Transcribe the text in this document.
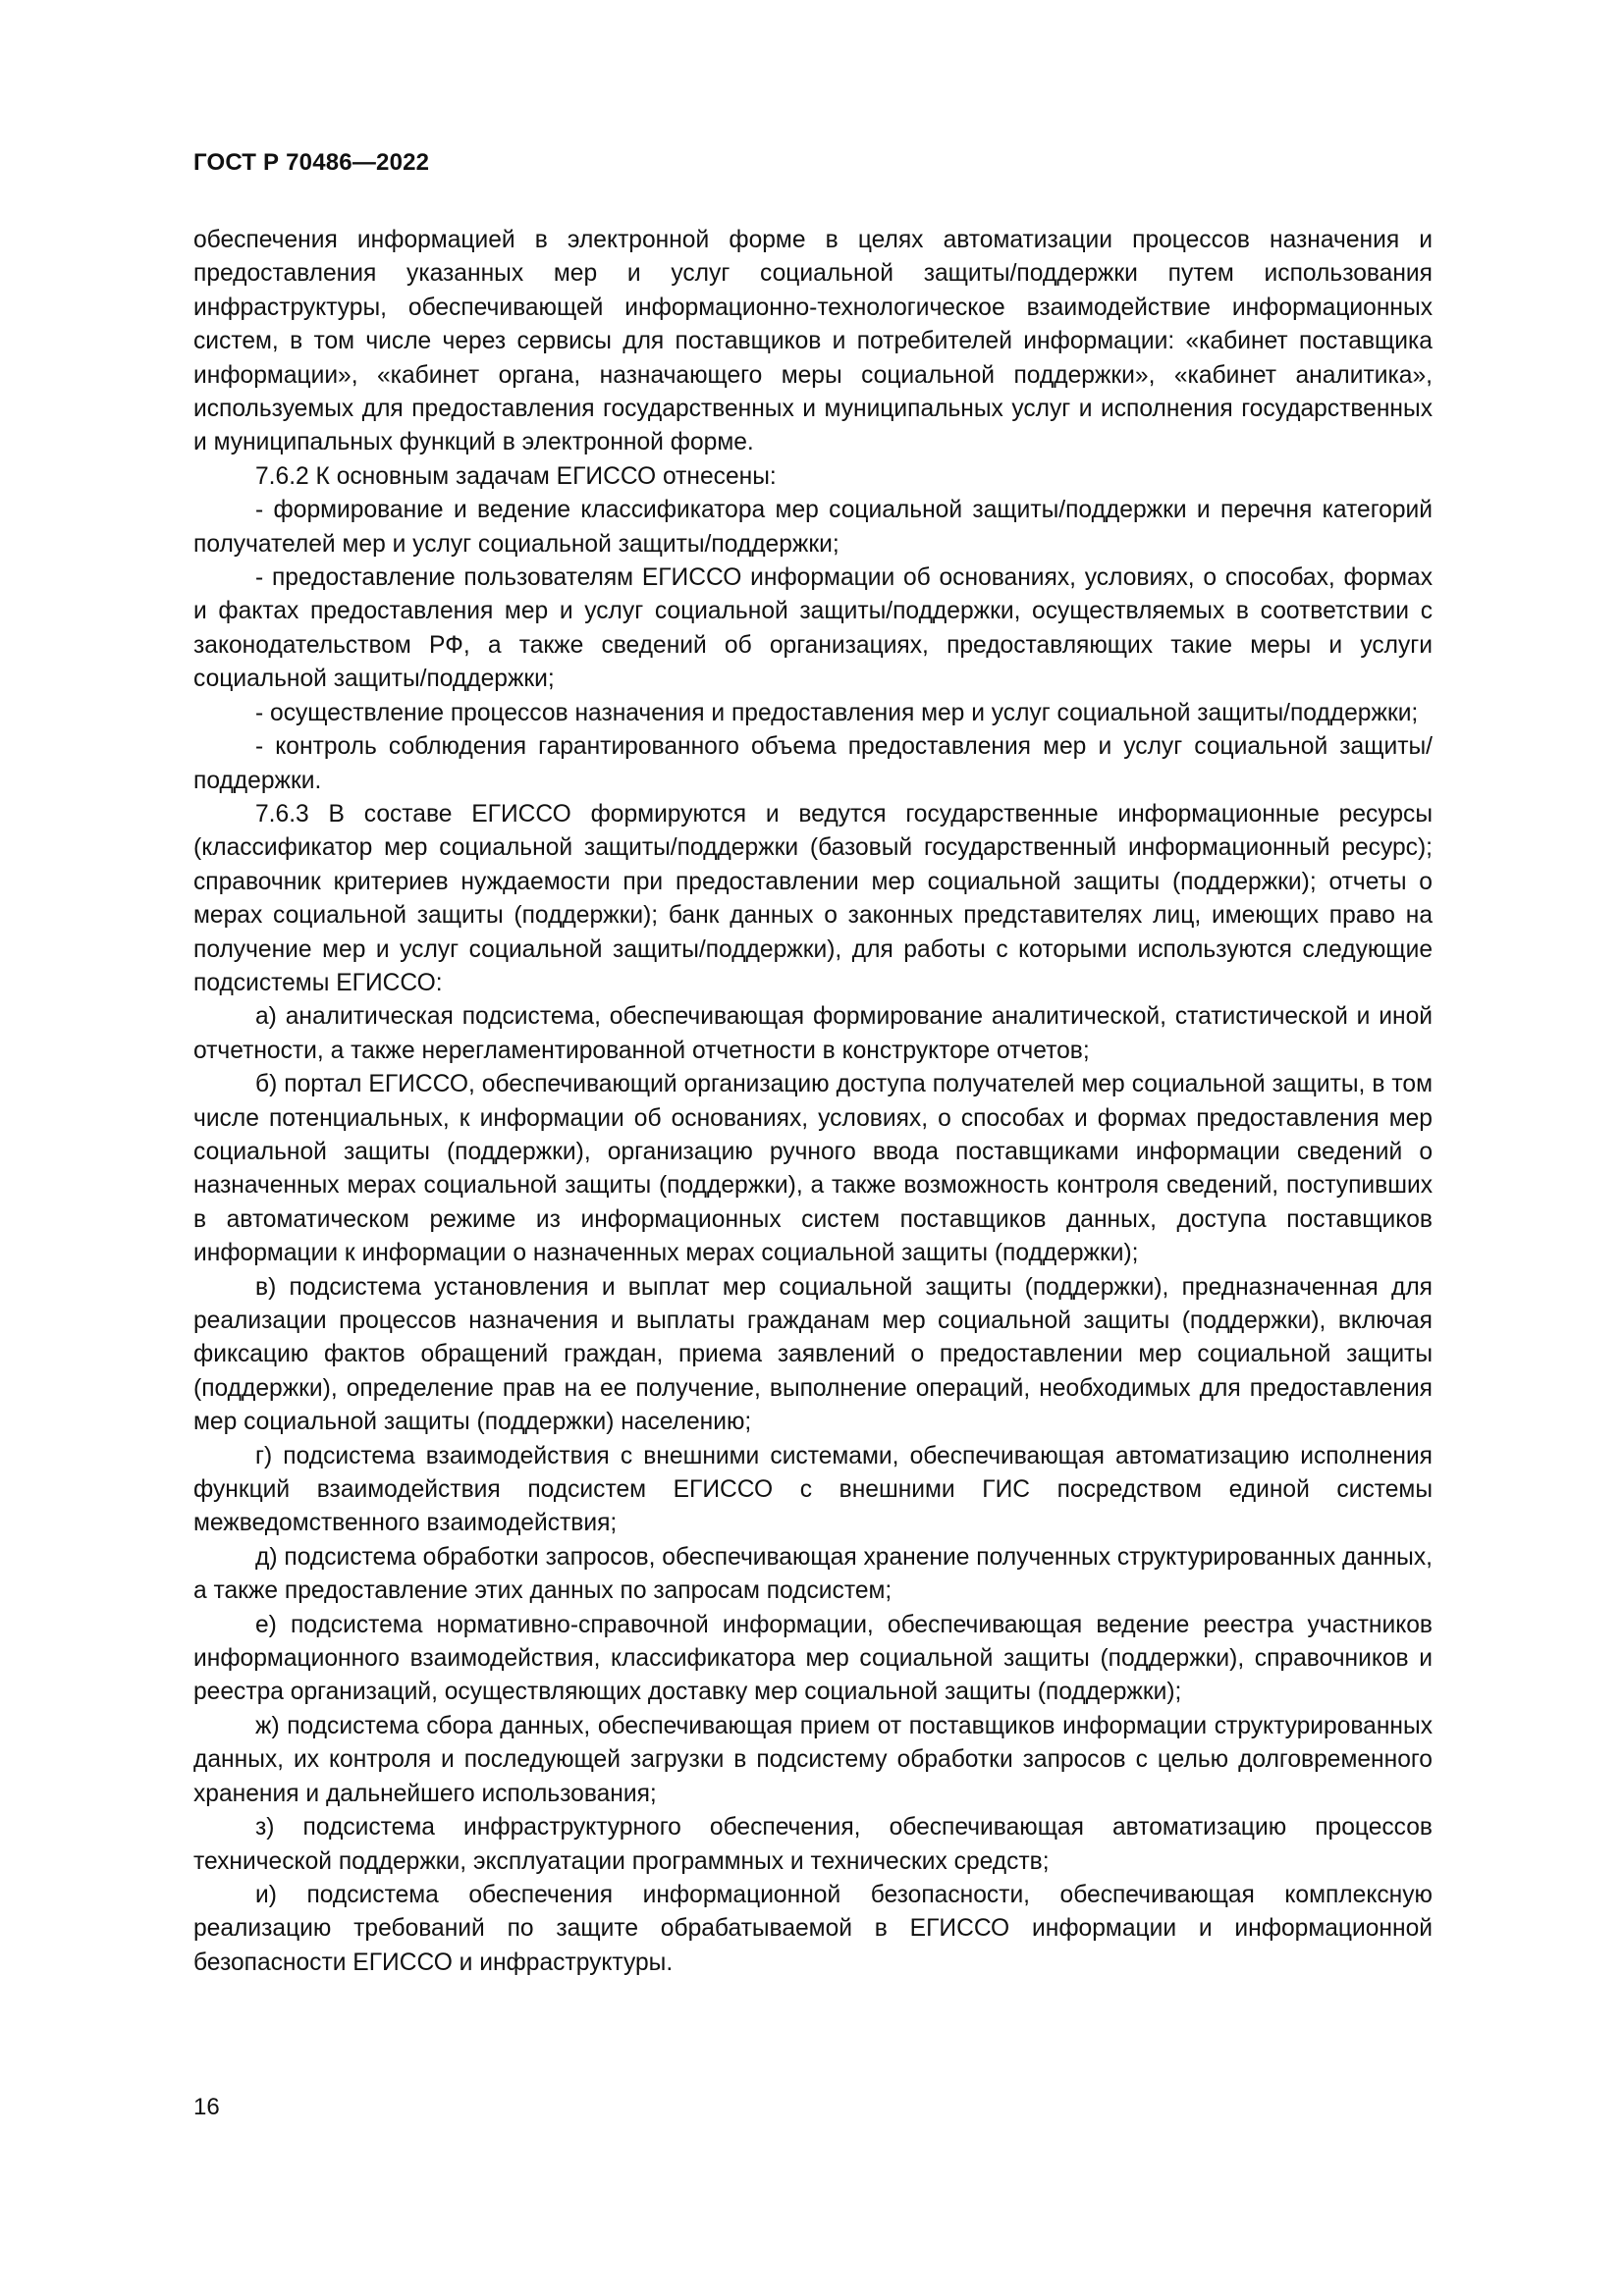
ГОСТ Р 70486—2022

обеспечения информацией в электронной форме в целях автоматизации процессов назначения и предоставления указанных мер и услуг социальной защиты/поддержки путем использования инфраструктуры, обеспечивающей информационно-технологическое взаимодействие информационных систем, в том числе через сервисы для поставщиков и потребителей информации: «кабинет поставщика информации», «кабинет органа, назначающего меры социальной поддержки», «кабинет аналитика», используемых для предоставления государственных и муниципальных услуг и исполнения государственных и муниципальных функций в электронной форме.

7.6.2 К основным задачам ЕГИССО отнесены:

- формирование и ведение классификатора мер социальной защиты/поддержки и перечня категорий получателей мер и услуг социальной защиты/поддержки;

- предоставление пользователям ЕГИССО информации об основаниях, условиях, о способах, формах и фактах предоставления мер и услуг социальной защиты/поддержки, осуществляемых в соответствии с законодательством РФ, а также сведений об организациях, предоставляющих такие меры и услуги социальной защиты/поддержки;

- осуществление процессов назначения и предоставления мер и услуг социальной защиты/поддержки;

- контроль соблюдения гарантированного объема предоставления мер и услуг социальной защиты/поддержки.

7.6.3 В составе ЕГИССО формируются и ведутся государственные информационные ресурсы (классификатор мер социальной защиты/поддержки (базовый государственный информационный ресурс); справочник критериев нуждаемости при предоставлении мер социальной защиты (поддержки); отчеты о мерах социальной защиты (поддержки); банк данных о законных представителях лиц, имеющих право на получение мер и услуг социальной защиты/поддержки), для работы с которыми используются следующие подсистемы ЕГИССО:

а) аналитическая подсистема, обеспечивающая формирование аналитической, статистической и иной отчетности, а также нерегламентированной отчетности в конструкторе отчетов;

б) портал ЕГИССО, обеспечивающий организацию доступа получателей мер социальной защиты, в том числе потенциальных, к информации об основаниях, условиях, о способах и формах предоставления мер социальной защиты (поддержки), организацию ручного ввода поставщиками информации сведений о назначенных мерах социальной защиты (поддержки), а также возможность контроля сведений, поступивших в автоматическом режиме из информационных систем поставщиков данных, доступа поставщиков информации к информации о назначенных мерах социальной защиты (поддержки);

в) подсистема установления и выплат мер социальной защиты (поддержки), предназначенная для реализации процессов назначения и выплаты гражданам мер социальной защиты (поддержки), включая фиксацию фактов обращений граждан, приема заявлений о предоставлении мер социальной защиты (поддержки), определение прав на ее получение, выполнение операций, необходимых для предоставления мер социальной защиты (поддержки) населению;

г) подсистема взаимодействия с внешними системами, обеспечивающая автоматизацию исполнения функций взаимодействия подсистем ЕГИССО с внешними ГИС посредством единой системы межведомственного взаимодействия;

д) подсистема обработки запросов, обеспечивающая хранение полученных структурированных данных, а также предоставление этих данных по запросам подсистем;

е) подсистема нормативно-справочной информации, обеспечивающая ведение реестра участников информационного взаимодействия, классификатора мер социальной защиты (поддержки), справочников и реестра организаций, осуществляющих доставку мер социальной защиты (поддержки);

ж) подсистема сбора данных, обеспечивающая прием от поставщиков информации структурированных данных, их контроля и последующей загрузки в подсистему обработки запросов с целью долговременного хранения и дальнейшего использования;

з) подсистема инфраструктурного обеспечения, обеспечивающая автоматизацию процессов технической поддержки, эксплуатации программных и технических средств;

и) подсистема обеспечения информационной безопасности, обеспечивающая комплексную реализацию требований по защите обрабатываемой в ЕГИССО информации и информационной безопасности ЕГИССО и инфраструктуры.

16
